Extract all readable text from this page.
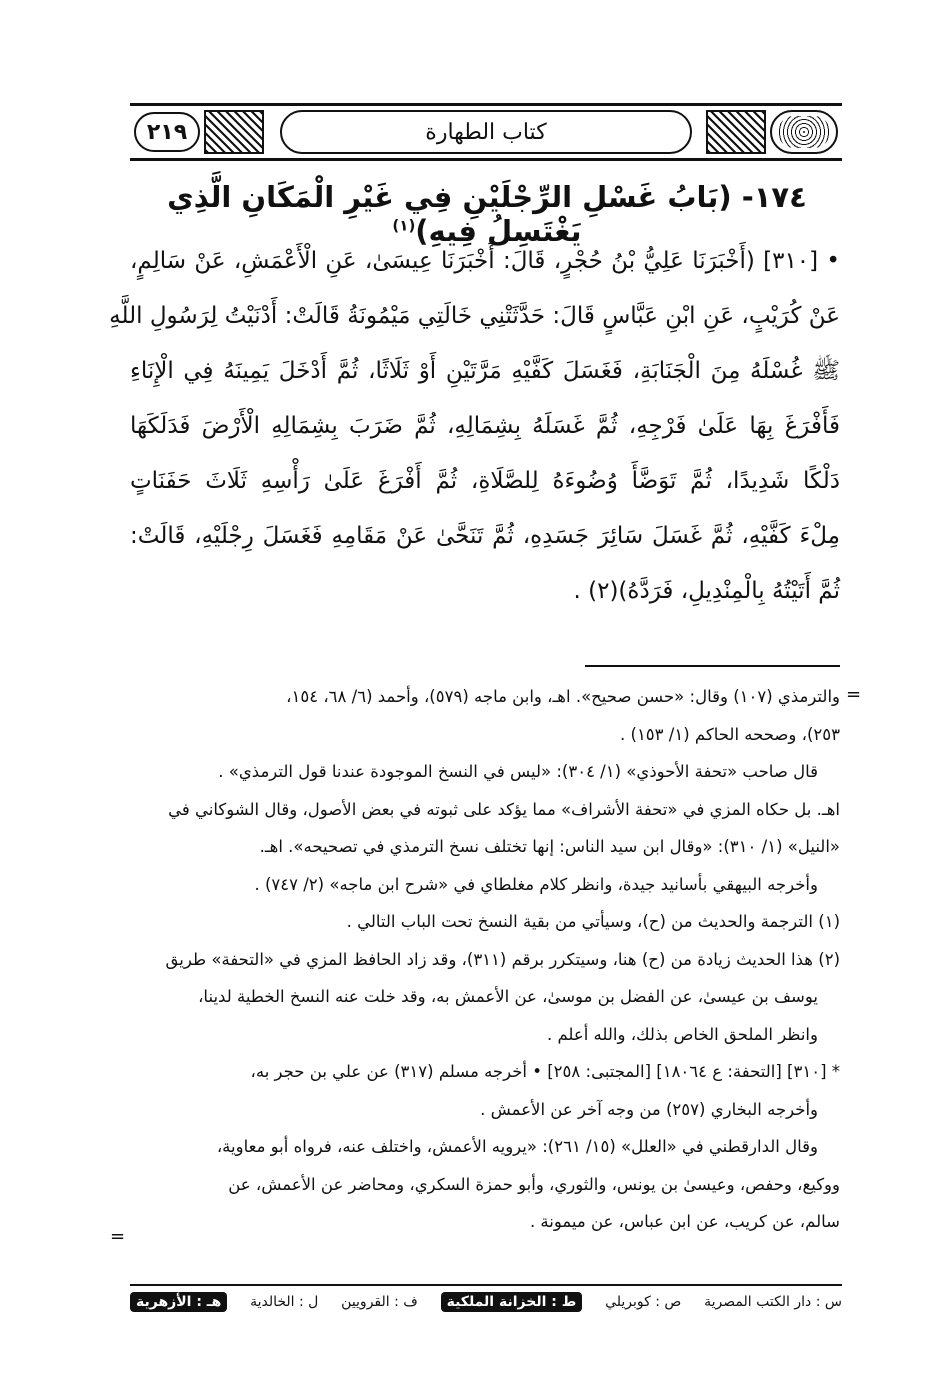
٢١٩	كتاب الطهارة
١٧٤- (بَابُ غَسْلِ الرِّجْلَيْنِ فِي غَيْرِ الْمَكَانِ الَّذِي يَغْتَسِلُ فِيهِ)$^{(١)}$
• [٣١٠] (أَخْبَرَنَا عَلِيُّ بْنُ حُجْرٍ، قَالَ: أَخْبَرَنَا عِيسَىٰ، عَنِ الْأَعْمَشِ، عَنْ سَالِمٍ،
عَنْ كُرَيْبٍ، عَنِ ابْنِ عَبَّاسٍ قَالَ: حَدَّثَتْنِي خَالَتِي مَيْمُونَةُ قَالَتْ: أَدْنَيْتُ لِرَسُولِ اللَّهِ
ﷺ غُسْلَهُ مِنَ الْجَنَابَةِ، فَغَسَلَ كَفَّيْهِ مَرَّتَيْنِ أَوْ ثَلَاثًا، ثُمَّ أَدْخَلَ يَمِينَهُ فِي الْإِنَاءِ
فَأَفْرَغَ بِهَا عَلَىٰ فَرْجِهِ، ثُمَّ غَسَلَهُ بِشِمَالِهِ، ثُمَّ ضَرَبَ بِشِمَالِهِ الْأَرْضَ فَدَلَكَهَا
دَلْكًا شَدِيدًا، ثُمَّ تَوَضَّأَ وُضُوءَهُ لِلصَّلَاةِ، ثُمَّ أَفْرَغَ عَلَىٰ رَأْسِهِ ثَلَاثَ حَفَنَاتٍ
مِلْءَ كَفَّيْهِ، ثُمَّ غَسَلَ سَائِرَ جَسَدِهِ، ثُمَّ تَنَحَّىٰ عَنْ مَقَامِهِ فَغَسَلَ رِجْلَيْهِ، قَالَتْ:
ثُمَّ أَتَيْتُهُ بِالْمِنْدِيلِ، فَرَدَّهُ)(٢) .
=
والترمذي (١٠٧) وقال: «حسن صحيح». اهـ، وابن ماجه (٥٧٩)، وأحمد (٦/ ٦٨، ١٥٤،
٢٥٣)، وصححه الحاكم (١/ ١٥٣) .
قال صاحب «تحفة الأحوذي» (١/ ٣٠٤): «ليس في النسخ الموجودة عندنا قول الترمذي» .
اهـ. بل حكاه المزي في «تحفة الأشراف» مما يؤكد على ثبوته في بعض الأصول، وقال الشوكاني في
«النيل» (١/ ٣١٠): «وقال ابن سيد الناس: إنها تختلف نسخ الترمذي في تصحيحه». اهـ.
وأخرجه البيهقي بأسانيد جيدة، وانظر كلام مغلطاي في «شرح ابن ماجه» (٢/ ٧٤٧) .
(١) الترجمة والحديث من (ح)، وسيأتي من بقية النسخ تحت الباب التالي .
(٢) هذا الحديث زيادة من (ح) هنا، وسيتكرر برقم (٣١١)، وقد زاد الحافظ المزي في «التحفة» طريق
يوسف بن عيسىٰ، عن الفضل بن موسىٰ، عن الأعمش به، وقد خلت عنه النسخ الخطية لدينا،
وانظر الملحق الخاص بذلك، والله أعلم .
* [٣١٠] [التحفة: ع ١٨٠٦٤] [المجتبى: ٢٥٨] • أخرجه مسلم (٣١٧) عن علي بن حجر به،
وأخرجه البخاري (٢٥٧) من وجه آخر عن الأعمش .
وقال الدارقطني في «العلل» (١٥/ ٢٦١): «يرويه الأعمش، واختلف عنه، فرواه أبو معاوية،
ووكيع، وحفص، وعيسىٰ بن يونس، والثوري، وأبو حمزة السكري، ومحاضر عن الأعمش، عن
سالم، عن كريب، عن ابن عباس، عن ميمونة .
=
س : دار الكتب المصرية
ص : كوبريلي
ط : الخزانة الملكية
ف : القرويين
ل : الخالدية
هـ : الأزهرية
